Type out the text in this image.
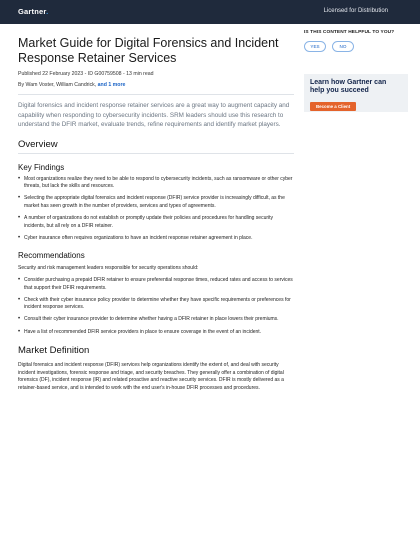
Gartner.	Licensed for Distribution
Market Guide for Digital Forensics and Incident Response Retainer Services
Published 22 February 2023 - ID G00759508 - 13 min read
By Wam Voster, William Candrick, and 1 more

Digital forensics and incident response retainer services are a great way to augment capacity and capability when responding to cybersecurity incidents. SRM leaders should use this research to understand the DFIR market, evaluate trends, refine requirements and identify market players.

Overview
Key Findings
• Most organizations realize they need to be able to respond to cybersecurity incidents, such as ransomware or other cyber threats, but lack the skills and resources.
• Selecting the appropriate digital forensics and incident response (DFIR) service provider is increasingly difficult, as the market has seen growth in the number of providers, services and types of agreements.
• A number of organizations do not establish or promptly update their policies and procedures for handling security incidents, but all rely on a DFIR retainer.
• Cyber insurance often requires organizations to have an incident response retainer agreement in place.
Recommendations

Security and risk management leaders responsible for security operations should:

• Consider purchasing a prepaid DFIR retainer to ensure preferential response times, reduced rates and access to services that support their DFIR requirements.
• Check with their cyber insurance policy provider to determine whether they have specific requirements or preferences for incident response services.
• Consult their cyber insurance provider to determine whether having a DFIR retainer in place lowers their premiums.
• Have a list of recommended DFIR service providers in place to ensure coverage in the event of an incident.
Market Definition

Digital forensics and incident response (DFIR) services help organizations identify the extent of, and deal with security incident investigations, forensic response and triage, and security breaches. They generally offer a combination of digital forensics (DF), incident response (IR) and related proactive and reactive security services. DFIR is mostly delivered as a retainer-based service, and is intended to work with the end user's in-house DFIR processes and procedures.

IS THIS CONTENT HELPFUL TO YOU?
YES	NO
Learn how Gartner can help you succeed
Become a Client
